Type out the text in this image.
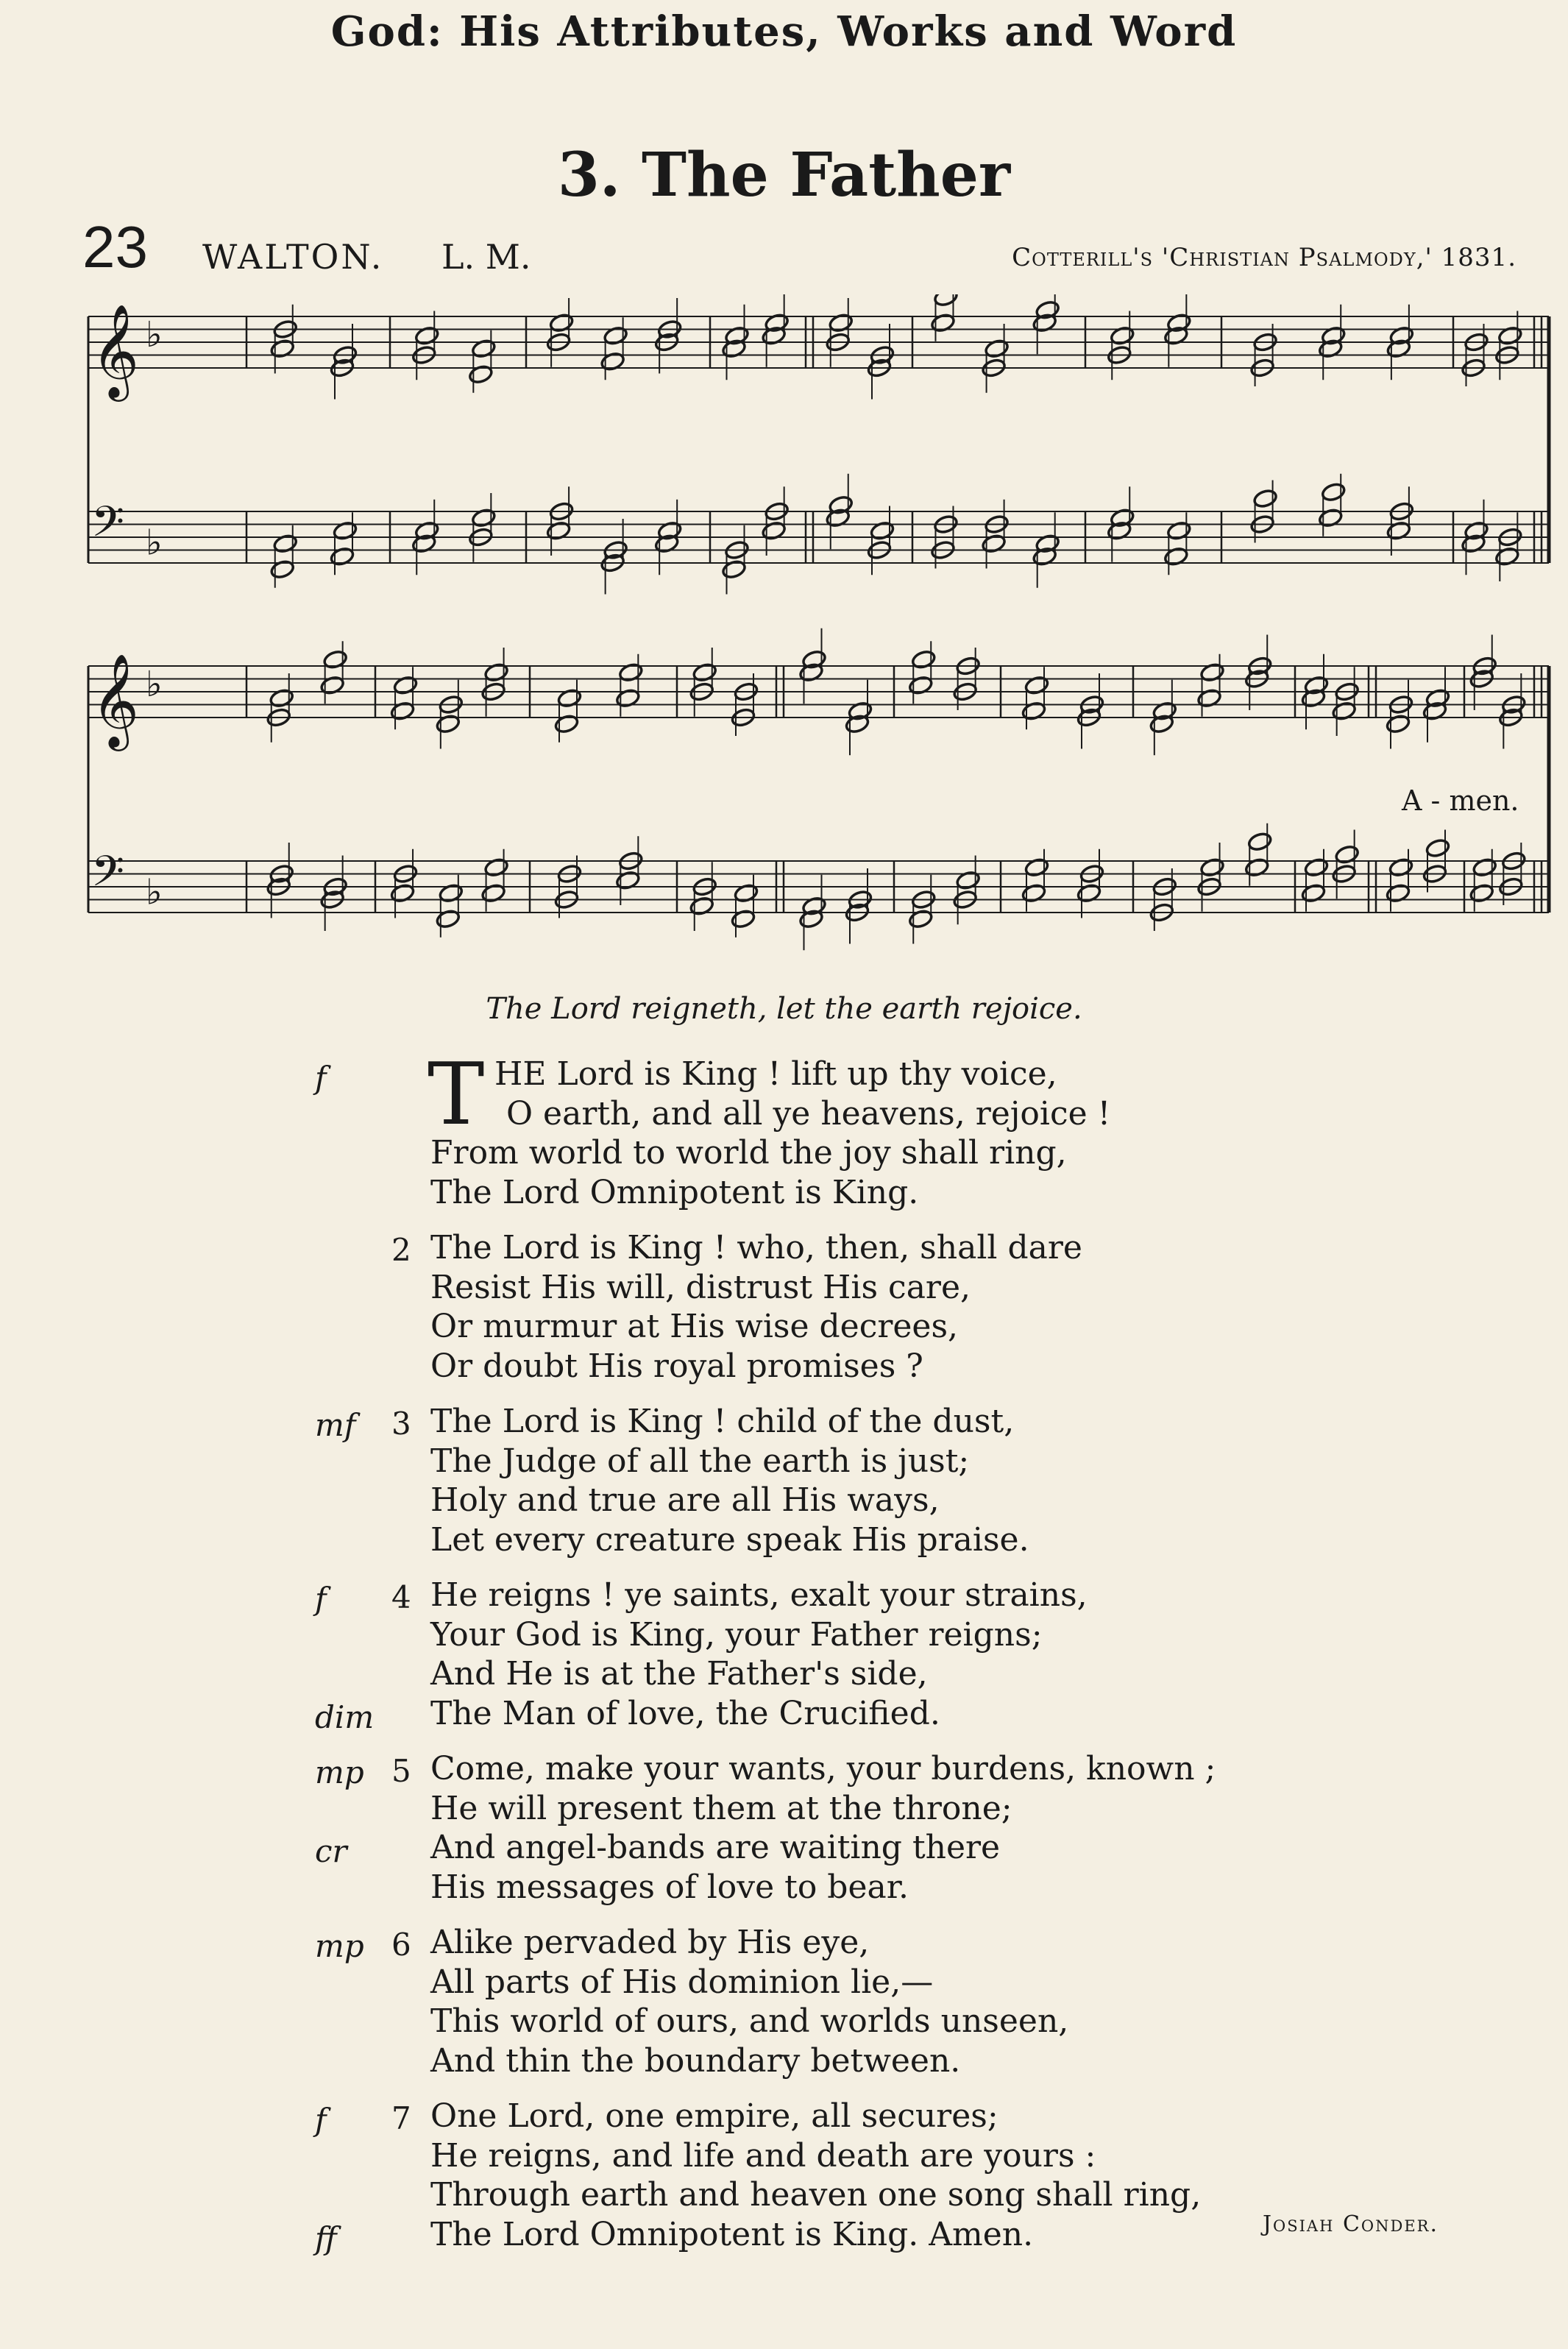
God: His Attributes, Works and Word
3. The Father
23 WALTON. L. M.	Cotterill's 'Christian Psalmody,' 1831.
𝄞 ♭
𝄢 ♭
𝄞 ♭
𝄢 ♭
A - men.
The Lord reigneth, let the earth rejoice.
HE Lord is King ! lift up thy voice,
f T O earth, and all ye heavens, rejoice !
From world to world the joy shall ring,
The Lord Omnipotent is King.
The Lord is King ! who, then, shall dare
2
Resist His will, distrust His care,
Or murmur at His wise decrees,
Or doubt His royal promises ?
The Lord is King ! child of the dust,
mf 3
The Judge of all the earth is just;
Holy and true are all His ways,
Let every creature speak His praise.
He reigns ! ye saints, exalt your strains,
f 4
Your God is King, your Father reigns;
And He is at the Father's side,
The Man of love, the Crucified.
dim
Come, make your wants, your burdens, known ;
mp 5
He will present them at the throne;
And angel-bands are waiting there
cr
His messages of love to bear.
Alike pervaded by His eye,
mp 6
All parts of His dominion lie,—
This world of ours, and worlds unseen,
And thin the boundary between.
One Lord, one empire, all secures;
f 7
He reigns, and life and death are yours :
Through earth and heaven one song shall ring,
The Lord Omnipotent is King. Amen.
ff	Josiah Conder.
